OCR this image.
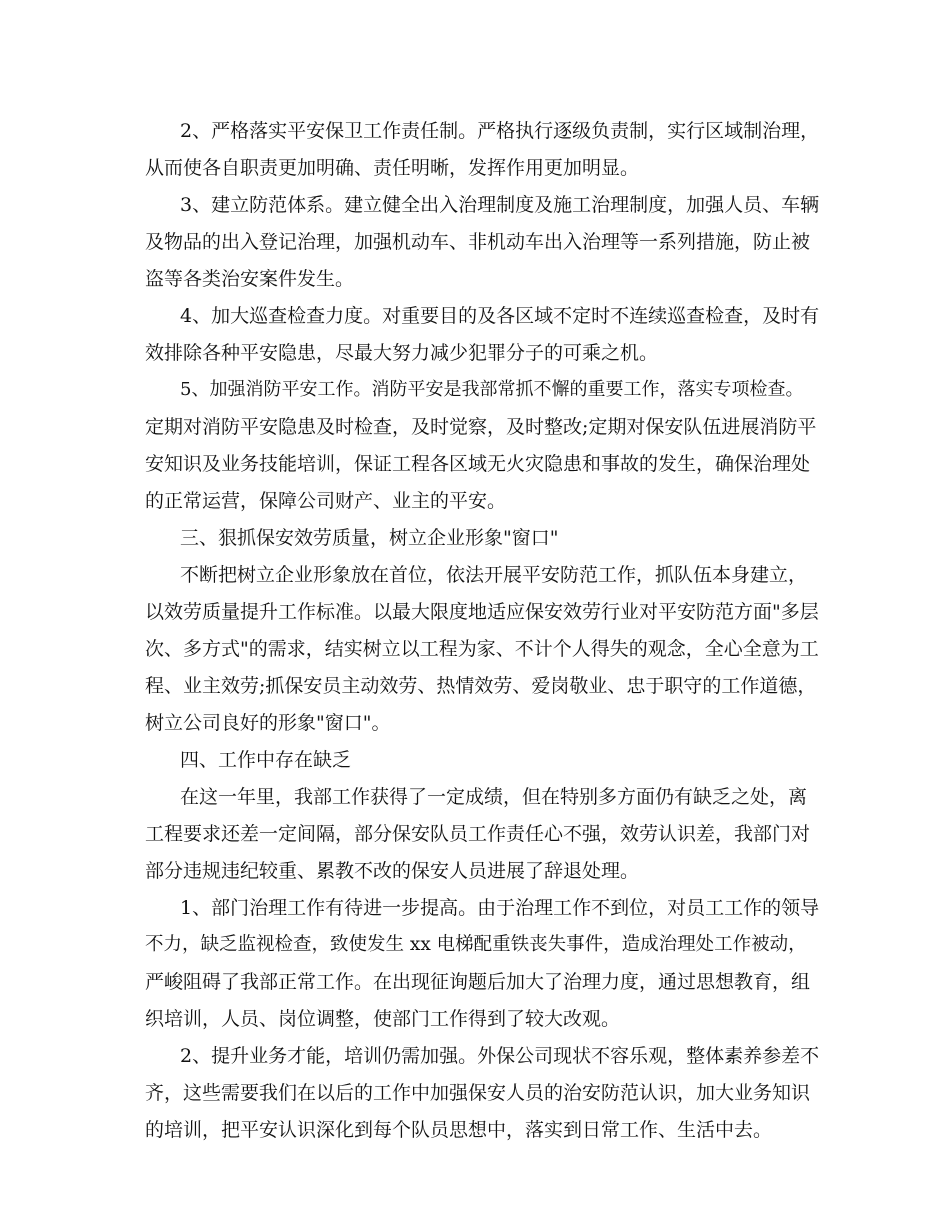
2、严格落实平安保卫工作责任制。严格执行逐级负责制，实行区域制治理，
从而使各自职责更加明确、责任明晰，发挥作用更加明显。
3、建立防范体系。建立健全出入治理制度及施工治理制度，加强人员、车辆
及物品的出入登记治理，加强机动车、非机动车出入治理等一系列措施，防止被
盗等各类治安案件发生。
4、加大巡查检查力度。对重要目的及各区域不定时不连续巡查检查，及时有
效排除各种平安隐患，尽最大努力减少犯罪分子的可乘之机。
5、加强消防平安工作。消防平安是我部常抓不懈的重要工作，落实专项检查。
定期对消防平安隐患及时检查，及时觉察，及时整改;定期对保安队伍进展消防平
安知识及业务技能培训，保证工程各区域无火灾隐患和事故的发生，确保治理处
的正常运营，保障公司财产、业主的平安。
三、狠抓保安效劳质量，树立企业形象"窗口"
不断把树立企业形象放在首位，依法开展平安防范工作，抓队伍本身建立，
以效劳质量提升工作标准。以最大限度地适应保安效劳行业对平安防范方面"多层
次、多方式"的需求，结实树立以工程为家、不计个人得失的观念，全心全意为工
程、业主效劳;抓保安员主动效劳、热情效劳、爱岗敬业、忠于职守的工作道德，
树立公司良好的形象"窗口"。
四、工作中存在缺乏
在这一年里，我部工作获得了一定成绩，但在特别多方面仍有缺乏之处，离
工程要求还差一定间隔，部分保安队员工作责任心不强，效劳认识差，我部门对
部分违规违纪较重、累教不改的保安人员进展了辞退处理。
1、部门治理工作有待进一步提高。由于治理工作不到位，对员工工作的领导
不力，缺乏监视检查，致使发生 xx 电梯配重铁丧失事件，造成治理处工作被动，
严峻阻碍了我部正常工作。在出现征询题后加大了治理力度，通过思想教育，组
织培训，人员、岗位调整，使部门工作得到了较大改观。
2、提升业务才能，培训仍需加强。外保公司现状不容乐观，整体素养参差不
齐，这些需要我们在以后的工作中加强保安人员的治安防范认识，加大业务知识
的培训，把平安认识深化到每个队员思想中，落实到日常工作、生活中去。
